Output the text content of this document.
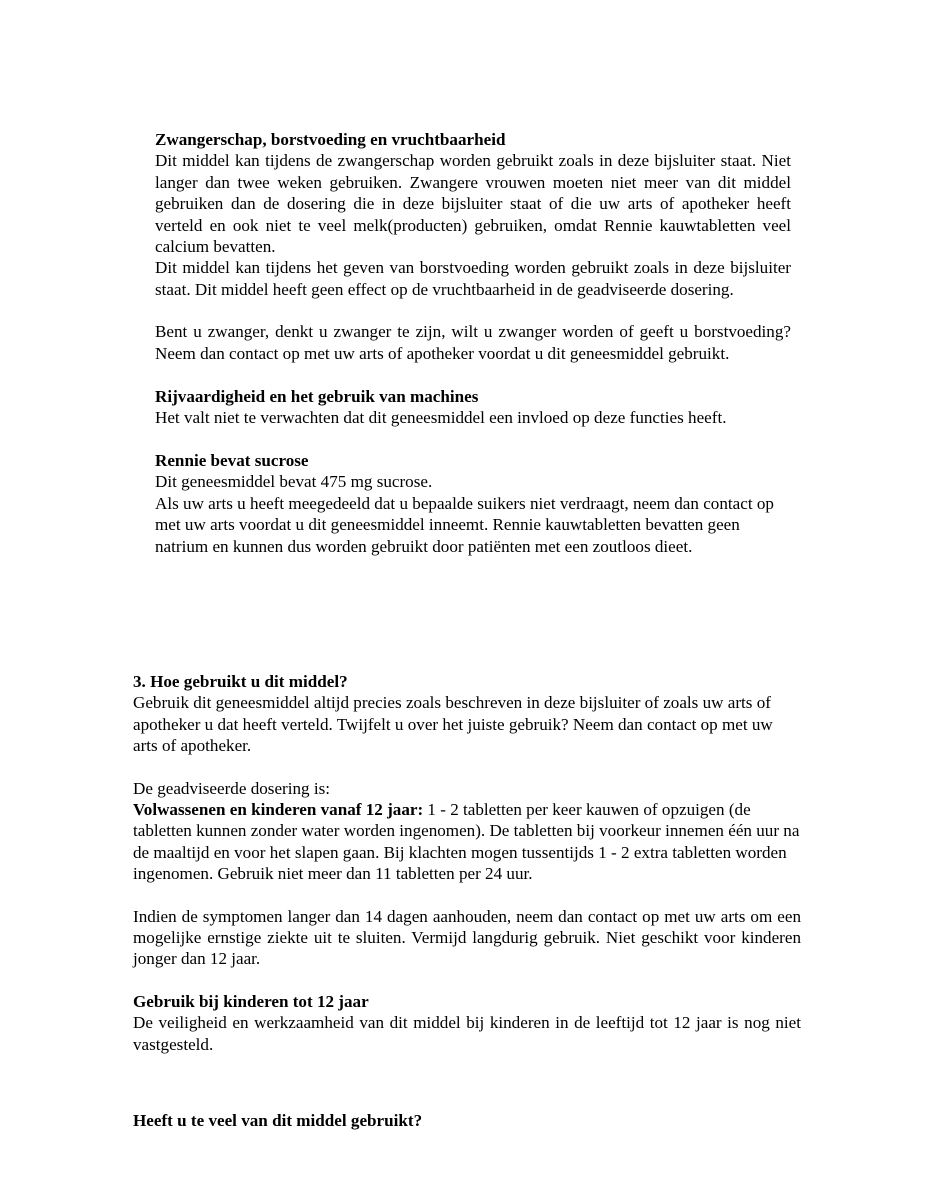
Zwangerschap, borstvoeding en vruchtbaarheid

Dit middel kan tijdens de zwangerschap worden gebruikt zoals in deze bijsluiter staat. Niet langer dan twee weken gebruiken. Zwangere vrouwen moeten niet meer van dit middel gebruiken dan de dosering die in deze bijsluiter staat of die uw arts of apotheker heeft verteld en ook niet te veel melk(producten) gebruiken, omdat Rennie kauwtabletten veel calcium bevatten.

Dit middel kan tijdens het geven van borstvoeding worden gebruikt zoals in deze bijsluiter staat. Dit middel heeft geen effect op de vruchtbaarheid in de geadviseerde dosering.

Bent u zwanger, denkt u zwanger te zijn, wilt u zwanger worden of geeft u borstvoeding? Neem dan contact op met uw arts of apotheker voordat u dit geneesmiddel gebruikt.

Rijvaardigheid en het gebruik van machines

Het valt niet te verwachten dat dit geneesmiddel een invloed op deze functies heeft.

Rennie bevat sucrose

Dit geneesmiddel bevat 475 mg sucrose.

Als uw arts u heeft meegedeeld dat u bepaalde suikers niet verdraagt, neem dan contact op met uw arts voordat u dit geneesmiddel inneemt. Rennie kauwtabletten bevatten geen natrium en kunnen dus worden gebruikt door patiënten met een zoutloos dieet.

3. Hoe gebruikt u dit middel?

Gebruik dit geneesmiddel altijd precies zoals beschreven in deze bijsluiter of zoals uw arts of apotheker u dat heeft verteld. Twijfelt u over het juiste gebruik? Neem dan contact op met uw arts of apotheker.

De geadviseerde dosering is:

Volwassenen en kinderen vanaf 12 jaar: 1 - 2 tabletten per keer kauwen of opzuigen (de tabletten kunnen zonder water worden ingenomen). De tabletten bij voorkeur innemen één uur na de maaltijd en voor het slapen gaan. Bij klachten mogen tussentijds 1 - 2 extra tabletten worden ingenomen. Gebruik niet meer dan 11 tabletten per 24 uur.

Indien de symptomen langer dan 14 dagen aanhouden, neem dan contact op met uw arts om een mogelijke ernstige ziekte uit te sluiten. Vermijd langdurig gebruik. Niet geschikt voor kinderen jonger dan 12 jaar.

Gebruik bij kinderen tot 12 jaar

De veiligheid en werkzaamheid van dit middel bij kinderen in de leeftijd tot 12 jaar is nog niet vastgesteld.

Heeft u te veel van dit middel gebruikt?
